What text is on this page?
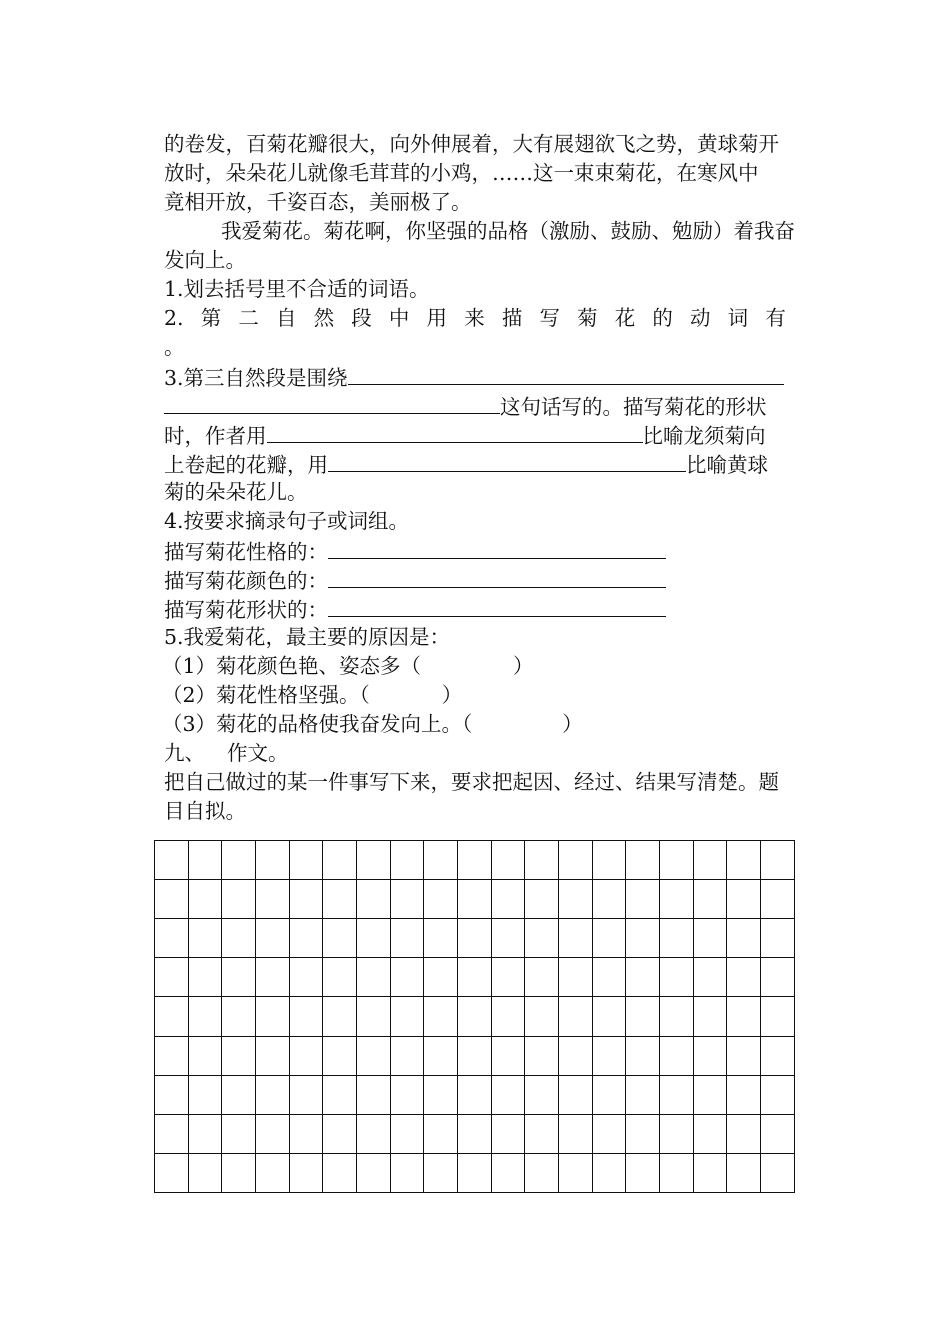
的卷发，百菊花瓣很大，向外伸展着，大有展翅欲飞之势，黄球菊开
放时，朵朵花儿就像毛茸茸的小鸡，……这一束束菊花，在寒风中
竟相开放，千姿百态，美丽极了。
我爱菊花。菊花啊，你坚强的品格（激励、鼓励、勉励）着我奋
发向上。
1.划去括号里不合适的词语。
2. 第 二 自 然 段 中 用 来 描 写 菊 花 的 动 词 有
。
3.第三自然段是围绕
这句话写的。描写菊花的形状
时，作者用	比喻龙须菊向
上卷起的花瓣，用	比喻黄球
菊的朵朵花儿。
4.按要求摘录句子或词组。
描写菊花性格的：
描写菊花颜色的：
描写菊花形状的：
5.我爱菊花，最主要的原因是：
（1）菊花颜色艳、姿态多（	）
（2）菊花性格坚强。（	）
（3）菊花的品格使我奋发向上。（	）
九、 作文。
把自己做过的某一件事写下来，要求把起因、经过、结果写清楚。题
目自拟。
